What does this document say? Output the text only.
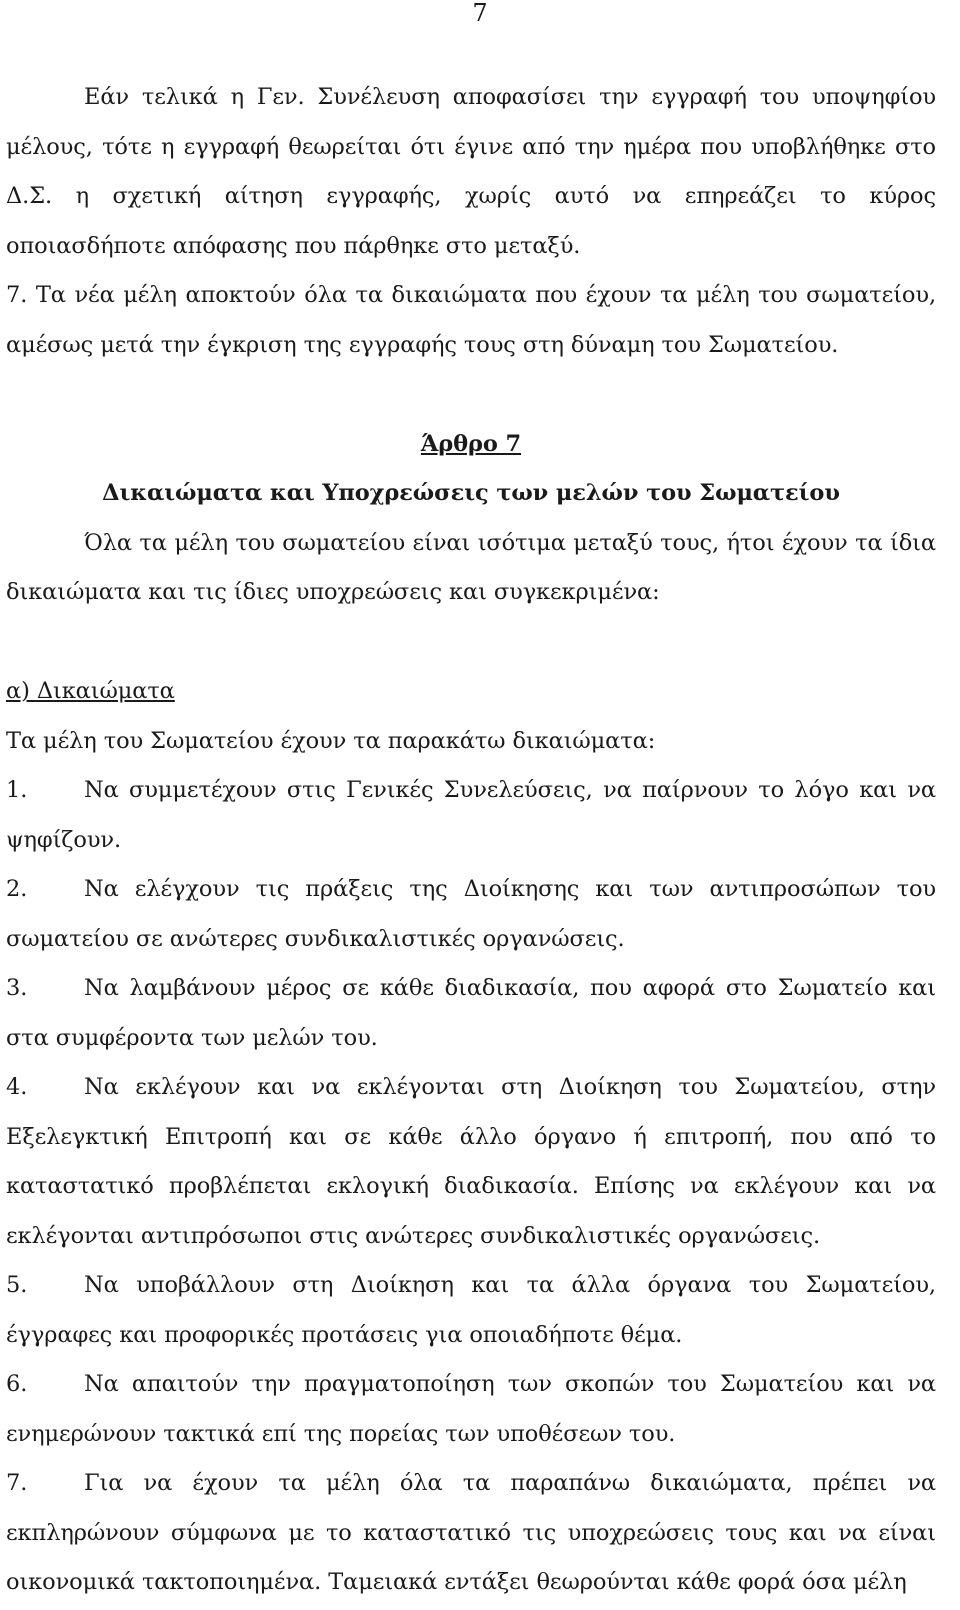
7

Εάν τελικά η Γεν. Συνέλευση αποφασίσει την εγγραφή του υποψηφίου μέλους, τότε η εγγραφή θεωρείται ότι έγινε από την ημέρα που υποβλήθηκε στο Δ.Σ. η σχετική αίτηση εγγραφής, χωρίς αυτό να επηρεάζει το κύρος οποιασδήποτε απόφασης που πάρθηκε στο μεταξύ.

7. Τα νέα μέλη αποκτούν όλα τα δικαιώματα που έχουν τα μέλη του σωματείου, αμέσως μετά την έγκριση της εγγραφής τους στη δύναμη του Σωματείου.

Άρθρο 7

Δικαιώματα και Υποχρεώσεις των μελών του Σωματείου

Όλα τα μέλη του σωματείου είναι ισότιμα μεταξύ τους, ήτοι έχουν τα ίδια δικαιώματα και τις ίδιες υποχρεώσεις και συγκεκριμένα:

α) Δικαιώματα

Τα μέλη του Σωματείου έχουν τα παρακάτω δικαιώματα:

1.	Να συμμετέχουν στις Γενικές Συνελεύσεις, να παίρνουν το λόγο και να ψηφίζουν.

2.	Να ελέγχουν τις πράξεις της Διοίκησης και των αντιπροσώπων του σωματείου σε ανώτερες συνδικαλιστικές οργανώσεις.

3.	Να λαμβάνουν μέρος σε κάθε διαδικασία, που αφορά στο Σωματείο και στα συμφέροντα των μελών του.

4.	Να εκλέγουν και να εκλέγονται στη Διοίκηση του Σωματείου, στην Εξελεγκτική Επιτροπή και σε κάθε άλλο όργανο ή επιτροπή, που από το καταστατικό προβλέπεται εκλογική διαδικασία. Επίσης να εκλέγουν και να εκλέγονται αντιπρόσωποι στις ανώτερες συνδικαλιστικές οργανώσεις.

5.	Να υποβάλλουν στη Διοίκηση και τα άλλα όργανα του Σωματείου, έγγραφες και προφορικές προτάσεις για οποιαδήποτε θέμα.

6.	Να απαιτούν την πραγματοποίηση των σκοπών του Σωματείου και να ενημερώνουν τακτικά επί της πορείας των υποθέσεων του.

7.	Για να έχουν τα μέλη όλα τα παραπάνω δικαιώματα, πρέπει να εκπληρώνουν σύμφωνα με το καταστατικό τις υποχρεώσεις τους και να είναι οικονομικά τακτοποιημένα. Ταμειακά εντάξει θεωρούνται κάθε φορά όσα μέλη
